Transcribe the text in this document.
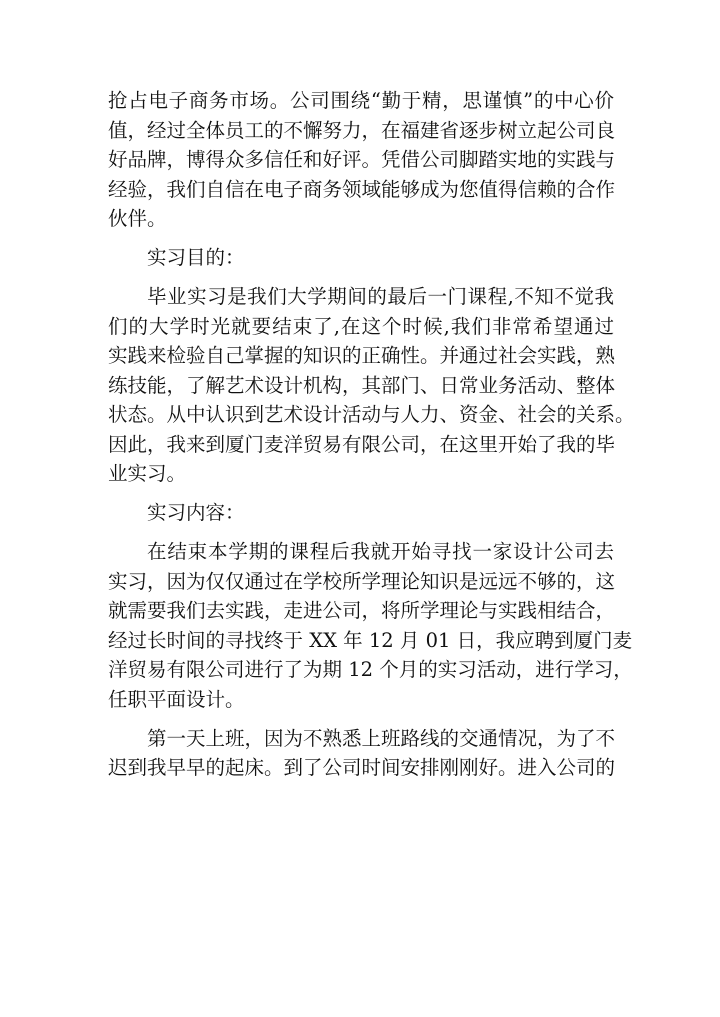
抢占电子商务市场。公司围绕“勤于精，思谨慎”的中心价
值，经过全体员工的不懈努力，在福建省逐步树立起公司良
好品牌，博得众多信任和好评。凭借公司脚踏实地的实践与
经验，我们自信在电子商务领域能够成为您值得信赖的合作
伙伴。
实习目的：
毕业实习是我们大学期间的最后一门课程,不知不觉我
们的大学时光就要结束了,在这个时候,我们非常希望通过
实践来检验自己掌握的知识的正确性。并通过社会实践，熟
练技能，了解艺术设计机构，其部门、日常业务活动、整体
状态。从中认识到艺术设计活动与人力、资金、社会的关系。
因此，我来到厦门麦洋贸易有限公司，在这里开始了我的毕
业实习。
实习内容：
在结束本学期的课程后我就开始寻找一家设计公司去
实习，因为仅仅通过在学校所学理论知识是远远不够的，这
就需要我们去实践，走进公司，将所学理论与实践相结合，
经过长时间的寻找终于 XX 年 12 月 01 日，我应聘到厦门麦
洋贸易有限公司进行了为期 12 个月的实习活动，进行学习，
任职平面设计。
第一天上班，因为不熟悉上班路线的交通情况，为了不
迟到我早早的起床。到了公司时间安排刚刚好。进入公司的
